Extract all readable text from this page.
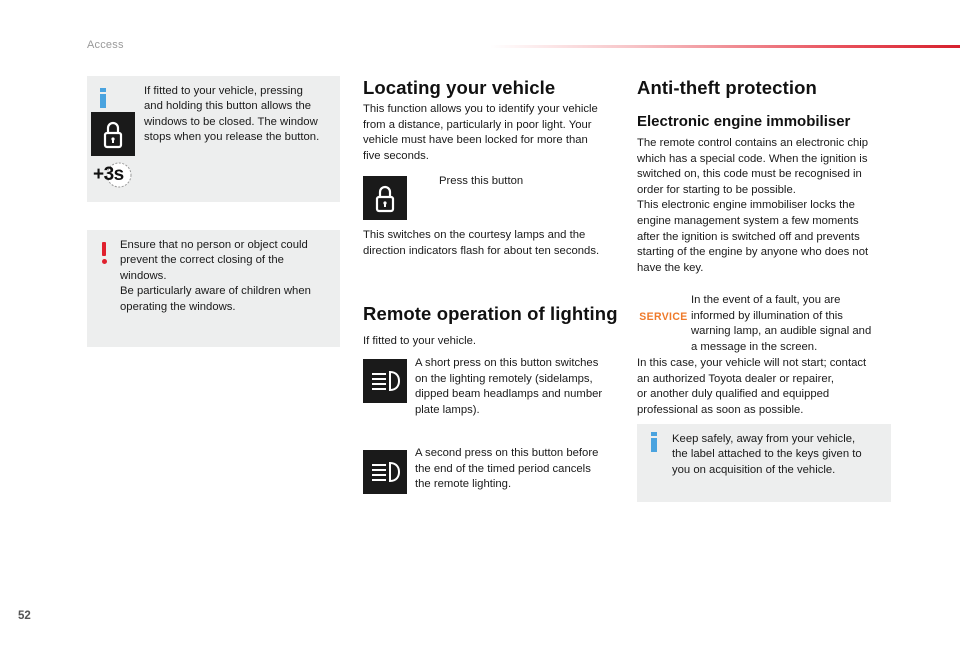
Access
+3s
If fitted to your vehicle, pressing
and holding this button allows the
windows to be closed. The window
stops when you release the button.
Ensure that no person or object could
prevent the correct closing of the
windows.
Be particularly aware of children when
operating the windows.
Locating your vehicle
This function allows you to identify your vehicle
from a distance, particularly in poor light. Your
vehicle must have been locked for more than
five seconds.
Press this button
This switches on the courtesy lamps and the
direction indicators flash for about ten seconds.
Remote operation of lighting
If fitted to your vehicle.
A short press on this button switches
on the lighting remotely (sidelamps,
dipped beam headlamps and number
plate lamps).
A second press on this button before
the end of the timed period cancels
the remote lighting.
Anti-theft protection
Electronic engine immobiliser
The remote control contains an electronic chip
which has a special code. When the ignition is
switched on, this code must be recognised in
order for starting to be possible.
This electronic engine immobiliser locks the
engine management system a few moments
after the ignition is switched off and prevents
starting of the engine by anyone who does not
have the key.
SERVICE
In the event of a fault, you are
informed by illumination of this
warning lamp, an audible signal and
a message in the screen.
In this case, your vehicle will not start; contact
an authorized Toyota dealer or repairer,
or another duly qualified and equipped
professional as soon as possible.
Keep safely, away from your vehicle,
the label attached to the keys given to
you on acquisition of the vehicle.
52
